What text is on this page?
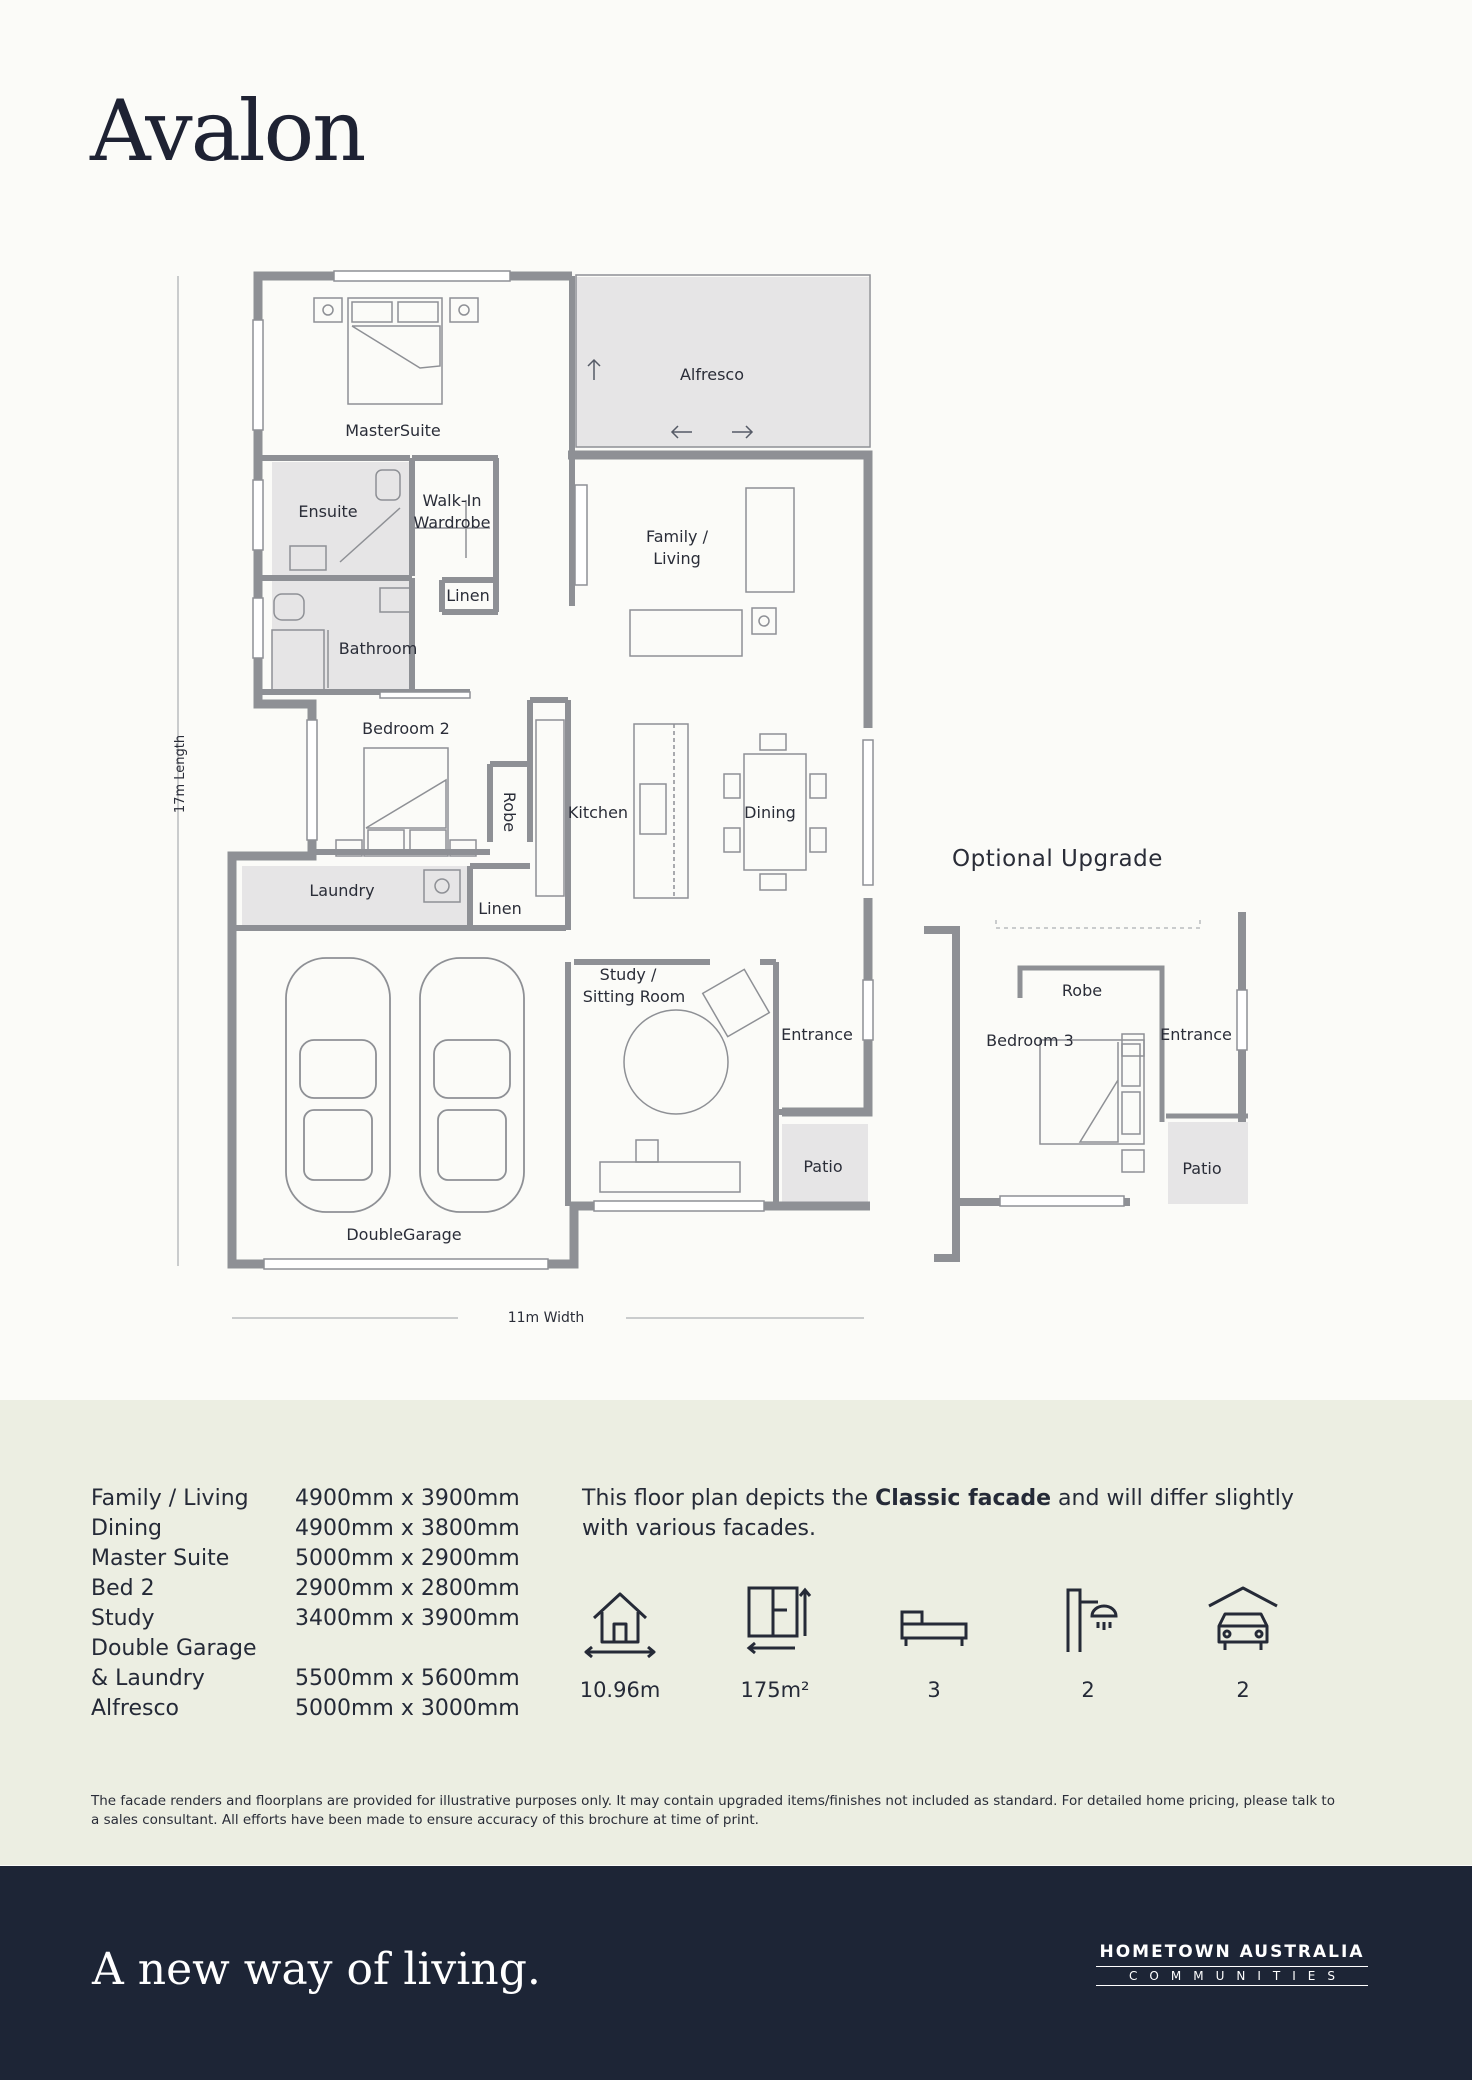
Avalon
MasterSuite
Alfresco
Ensuite
Walk-In
Wardrobe
Family /
Living
Linen
Bathroom
Bedroom 2
Robe	Kitchen	Dining
Laundry
Linen
Study /
Sitting Room
Entrance
Patio
DoubleGarage
17m Length
11m Width
Robe
Bedroom 3	Entrance
Patio
Optional Upgrade
Family / Living	4900mm x 3900mm
Dining	4900mm x 3800mm
Master Suite	5000mm x 2900mm
Bed 2	2900mm x 2800mm
Study	3400mm x 3900mm
Double Garage
& Laundry	5500mm x 5600mm
Alfresco	5000mm x 3000mm
This floor plan depicts the Classic facade and will differ slightly with various facades.
10.96m	175m²	3	2	2
The facade renders and floorplans are provided for illustrative purposes only. It may contain upgraded items/finishes not included as standard. For detailed home pricing, please talk to a sales consultant. All efforts have been made to ensure accuracy of this brochure at time of print.
A new way of living.	HOMETOWN AUSTRALIA
COMMUNITIES
